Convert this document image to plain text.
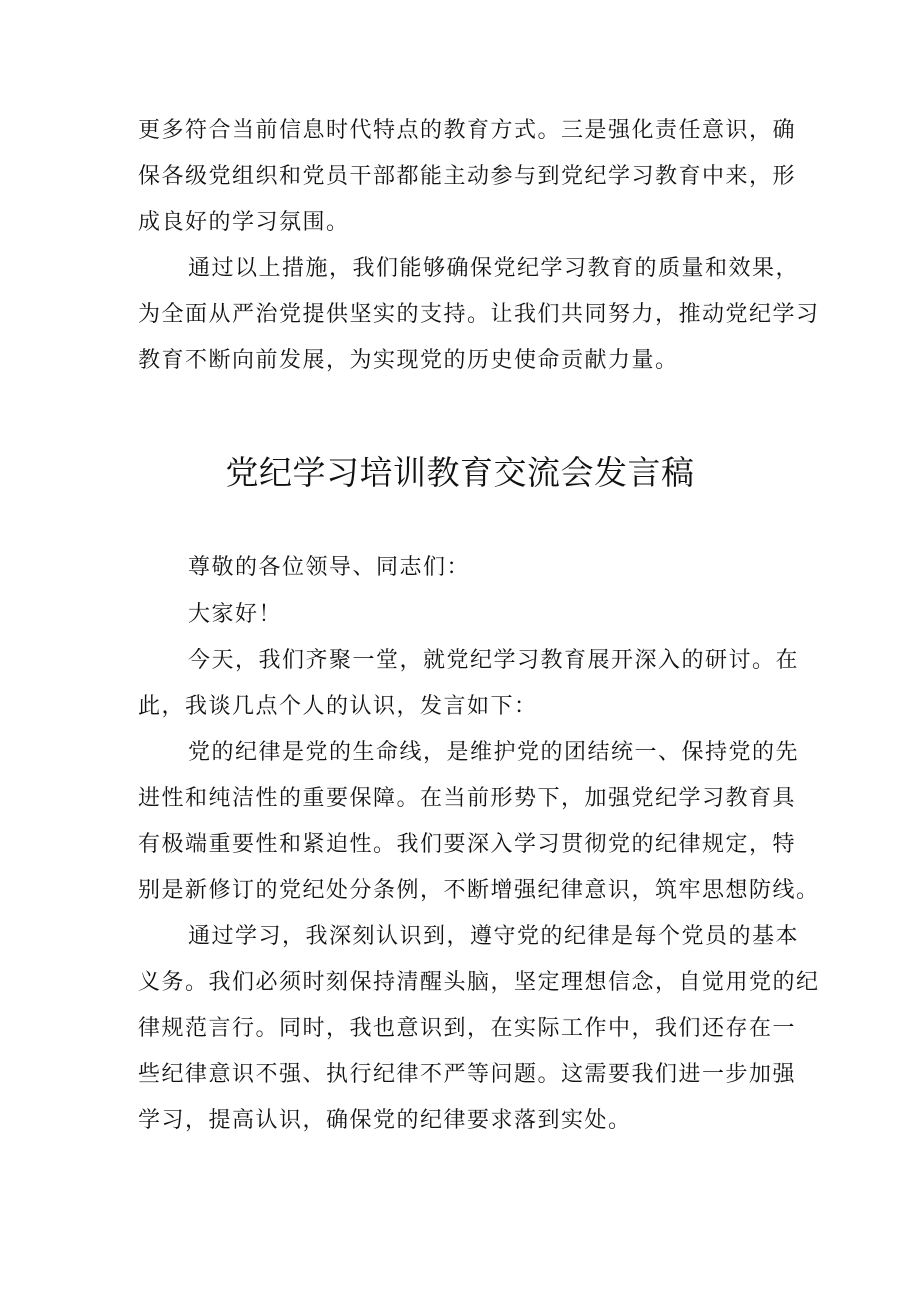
更多符合当前信息时代特点的教育方式。三是强化责任意识，确
保各级党组织和党员干部都能主动参与到党纪学习教育中来，形
成良好的学习氛围。
通过以上措施，我们能够确保党纪学习教育的质量和效果，
为全面从严治党提供坚实的支持。让我们共同努力，推动党纪学习
教育不断向前发展，为实现党的历史使命贡献力量。
党纪学习培训教育交流会发言稿
尊敬的各位领导、同志们：
大家好！
今天，我们齐聚一堂，就党纪学习教育展开深入的研讨。在
此，我谈几点个人的认识，发言如下：
党的纪律是党的生命线，是维护党的团结统一、保持党的先
进性和纯洁性的重要保障。在当前形势下，加强党纪学习教育具
有极端重要性和紧迫性。我们要深入学习贯彻党的纪律规定，特
别是新修订的党纪处分条例，不断增强纪律意识，筑牢思想防线。
通过学习，我深刻认识到，遵守党的纪律是每个党员的基本
义务。我们必须时刻保持清醒头脑，坚定理想信念，自觉用党的纪
律规范言行。同时，我也意识到，在实际工作中，我们还存在一
些纪律意识不强、执行纪律不严等问题。这需要我们进一步加强
学习，提高认识，确保党的纪律要求落到实处。
